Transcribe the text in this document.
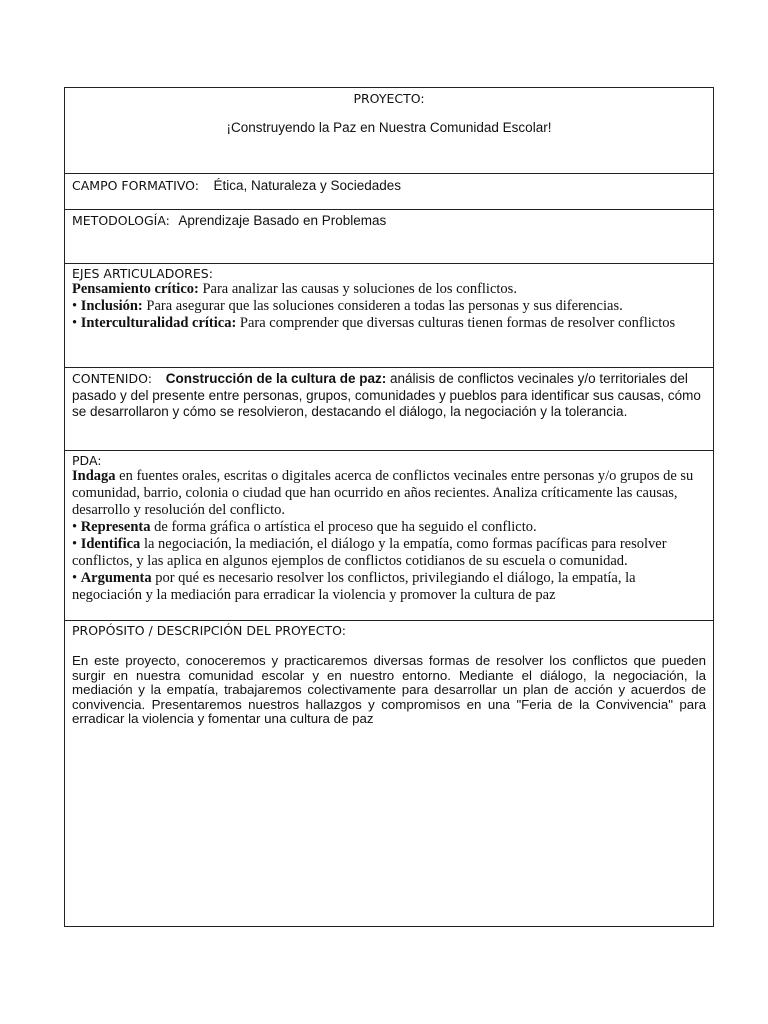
PROYECTO:
¡Construyendo la Paz en Nuestra Comunidad Escolar!
CAMPO FORMATIVO: Ética, Naturaleza y Sociedades
METODOLOGÍA: Aprendizaje Basado en Problemas
EJES ARTICULADORES:
Pensamiento crítico: Para analizar las causas y soluciones de los conflictos.
• Inclusión: Para asegurar que las soluciones consideren a todas las personas y sus diferencias.
• Interculturalidad crítica: Para comprender que diversas culturas tienen formas de resolver conflictos
CONTENIDO: Construcción de la cultura de paz: análisis de conflictos vecinales y/o territoriales del pasado y del presente entre personas, grupos, comunidades y pueblos para identificar sus causas, cómo se desarrollaron y cómo se resolvieron, destacando el diálogo, la negociación y la tolerancia.
PDA:
Indaga en fuentes orales, escritas o digitales acerca de conflictos vecinales entre personas y/o grupos de su comunidad, barrio, colonia o ciudad que han ocurrido en años recientes. Analiza críticamente las causas, desarrollo y resolución del conflicto.
• Representa de forma gráfica o artística el proceso que ha seguido el conflicto.
• Identifica la negociación, la mediación, el diálogo y la empatía, como formas pacíficas para resolver conflictos, y las aplica en algunos ejemplos de conflictos cotidianos de su escuela o comunidad.
• Argumenta por qué es necesario resolver los conflictos, privilegiando el diálogo, la empatía, la negociación y la mediación para erradicar la violencia y promover la cultura de paz
PROPÓSITO / DESCRIPCIÓN DEL PROYECTO:
En este proyecto, conoceremos y practicaremos diversas formas de resolver los conflictos que pueden surgir en nuestra comunidad escolar y en nuestro entorno. Mediante el diálogo, la negociación, la mediación y la empatía, trabajaremos colectivamente para desarrollar un plan de acción y acuerdos de convivencia. Presentaremos nuestros hallazgos y compromisos en una "Feria de la Convivencia" para erradicar la violencia y fomentar una cultura de paz
